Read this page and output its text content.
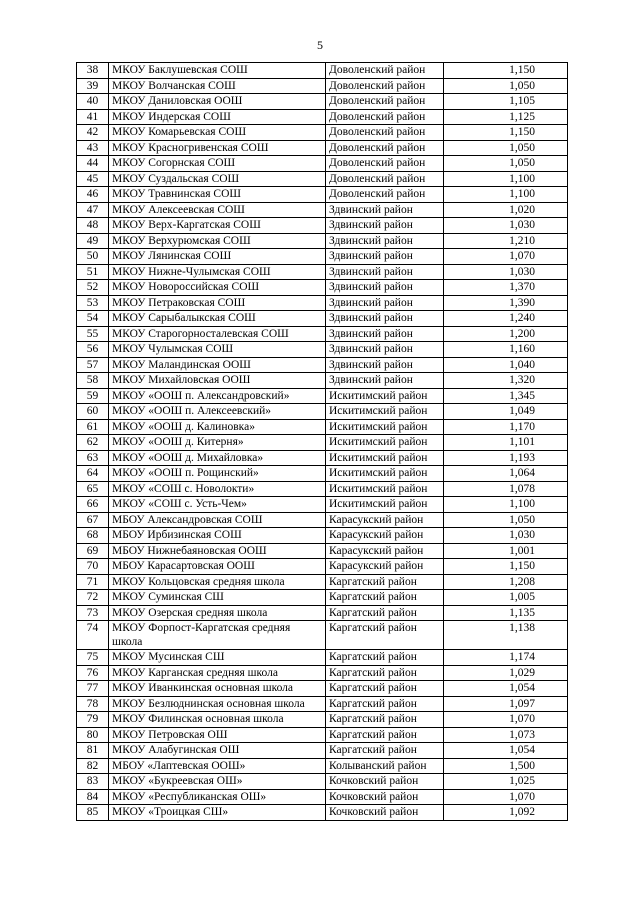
5
38	МКОУ Баклушевская СОШ	Доволенский район	1,150
39	МКОУ Волчанская СОШ	Доволенский район	1,050
40	МКОУ Даниловская ООШ	Доволенский район	1,105
41	МКОУ Индерская СОШ	Доволенский район	1,125
42	МКОУ Комарьевская СОШ	Доволенский район	1,150
43	МКОУ Красногривенская СОШ	Доволенский район	1,050
44	МКОУ Согорнская СОШ	Доволенский район	1,050
45	МКОУ Суздальская СОШ	Доволенский район	1,100
46	МКОУ Травнинская СОШ	Доволенский район	1,100
47	МКОУ Алексеевская СОШ	Здвинский район	1,020
48	МКОУ Верх-Каргатская СОШ	Здвинский район	1,030
49	МКОУ Верхурюмская СОШ	Здвинский район	1,210
50	МКОУ Лянинская СОШ	Здвинский район	1,070
51	МКОУ Нижне-Чулымская СОШ	Здвинский район	1,030
52	МКОУ Новороссийская СОШ	Здвинский район	1,370
53	МКОУ Петраковская СОШ	Здвинский район	1,390
54	МКОУ Сарыбалыкская СОШ	Здвинский район	1,240
55	МКОУ Старогорносталевская СОШ	Здвинский район	1,200
56	МКОУ Чулымская СОШ	Здвинский район	1,160
57	МКОУ Маландинская ООШ	Здвинский район	1,040
58	МКОУ Михайловская ООШ	Здвинский район	1,320
59	МКОУ «ООШ п. Александровский»	Искитимский район	1,345
60	МКОУ «ООШ п. Алексеевский»	Искитимский район	1,049
61	МКОУ «ООШ д. Калиновка»	Искитимский район	1,170
62	МКОУ «ООШ д. Китерня»	Искитимский район	1,101
63	МКОУ «ООШ д. Михайловка»	Искитимский район	1,193
64	МКОУ «ООШ п. Рощинский»	Искитимский район	1,064
65	МКОУ «СОШ с. Новолокти»	Искитимский район	1,078
66	МКОУ «СОШ с. Усть-Чем»	Искитимский район	1,100
67	МБОУ Александровская СОШ	Карасукский район	1,050
68	МБОУ Ирбизинская СОШ	Карасукский район	1,030
69	МБОУ Нижнебаяновская ООШ	Карасукский район	1,001
70	МБОУ Карасартовская ООШ	Карасукский район	1,150
71	МКОУ Кольцовская средняя школа	Каргатский район	1,208
72	МКОУ Суминская СШ	Каргатский район	1,005
73	МКОУ Озерская средняя школа	Каргатский район	1,135
74	МКОУ Форпост-Каргатская средняя школа	Каргатский район	1,138
75	МКОУ Мусинская СШ	Каргатский район	1,174
76	МКОУ Карганская средняя школа	Каргатский район	1,029
77	МКОУ Иванкинская основная школа	Каргатский район	1,054
78	МКОУ Безлюднинская основная школа	Каргатский район	1,097
79	МКОУ Филинская основная школа	Каргатский район	1,070
80	МКОУ Петровская ОШ	Каргатский район	1,073
81	МКОУ Алабугинская ОШ	Каргатский район	1,054
82	МБОУ «Лаптевская ООШ»	Колыванский район	1,500
83	МКОУ «Букреевская ОШ»	Кочковский район	1,025
84	МКОУ «Республиканская ОШ»	Кочковский район	1,070
85	МКОУ «Троицкая СШ»	Кочковский район	1,092
